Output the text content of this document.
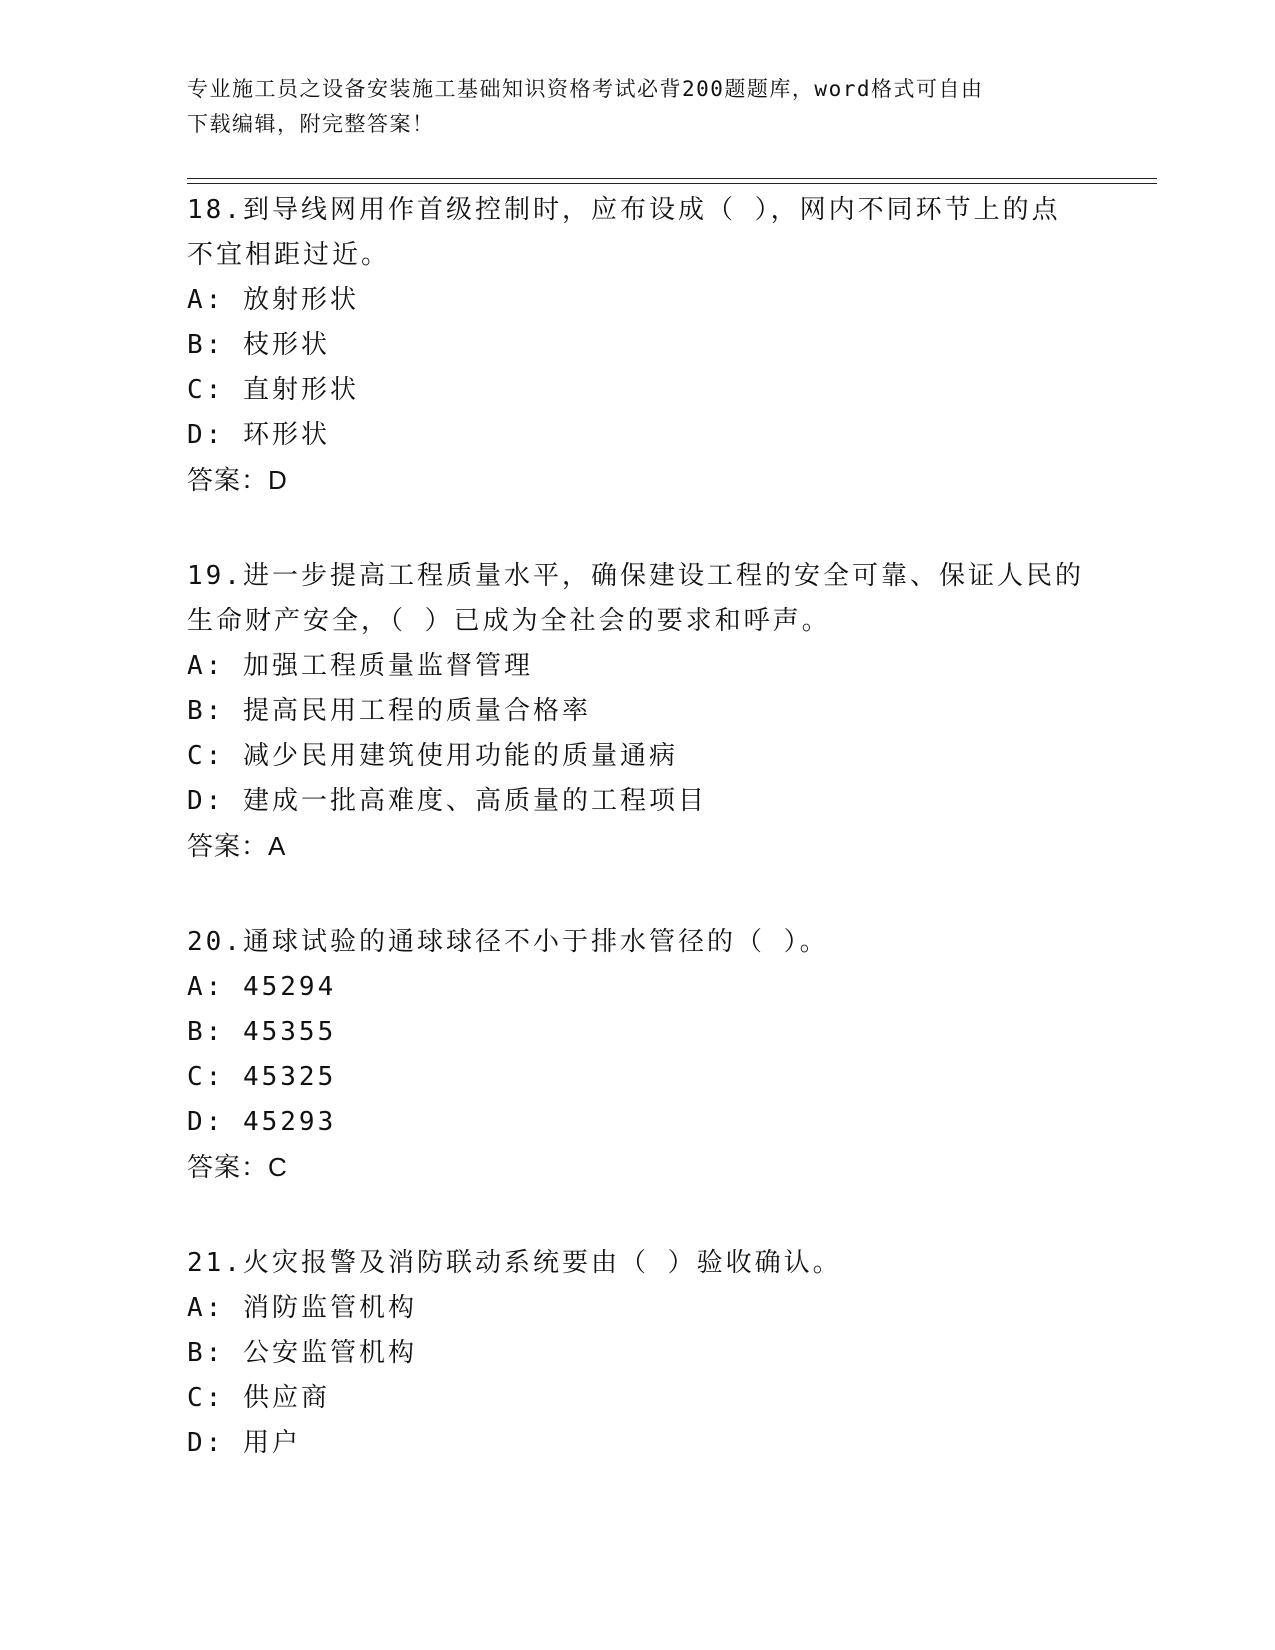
专业施工员之设备安装施工基础知识资格考试必背200题题库，word格式可自由
下载编辑，附完整答案！

18.到导线网用作首级控制时，应布设成（ ），网内不同环节上的点

不宜相距过近。

A: 放射形状

B: 枝形状

C: 直射形状

D: 环形状

答案：D

19.进一步提高工程质量水平，确保建设工程的安全可靠、保证人民的

生命财产安全，（ ）已成为全社会的要求和呼声。

A: 加强工程质量监督管理

B: 提高民用工程的质量合格率

C: 减少民用建筑使用功能的质量通病

D: 建成一批高难度、高质量的工程项目

答案：A

20.通球试验的通球球径不小于排水管径的（ ）。

A: 45294

B: 45355

C: 45325

D: 45293

答案：C

21.火灾报警及消防联动系统要由（ ）验收确认。

A: 消防监管机构

B: 公安监管机构

C: 供应商

D: 用户
